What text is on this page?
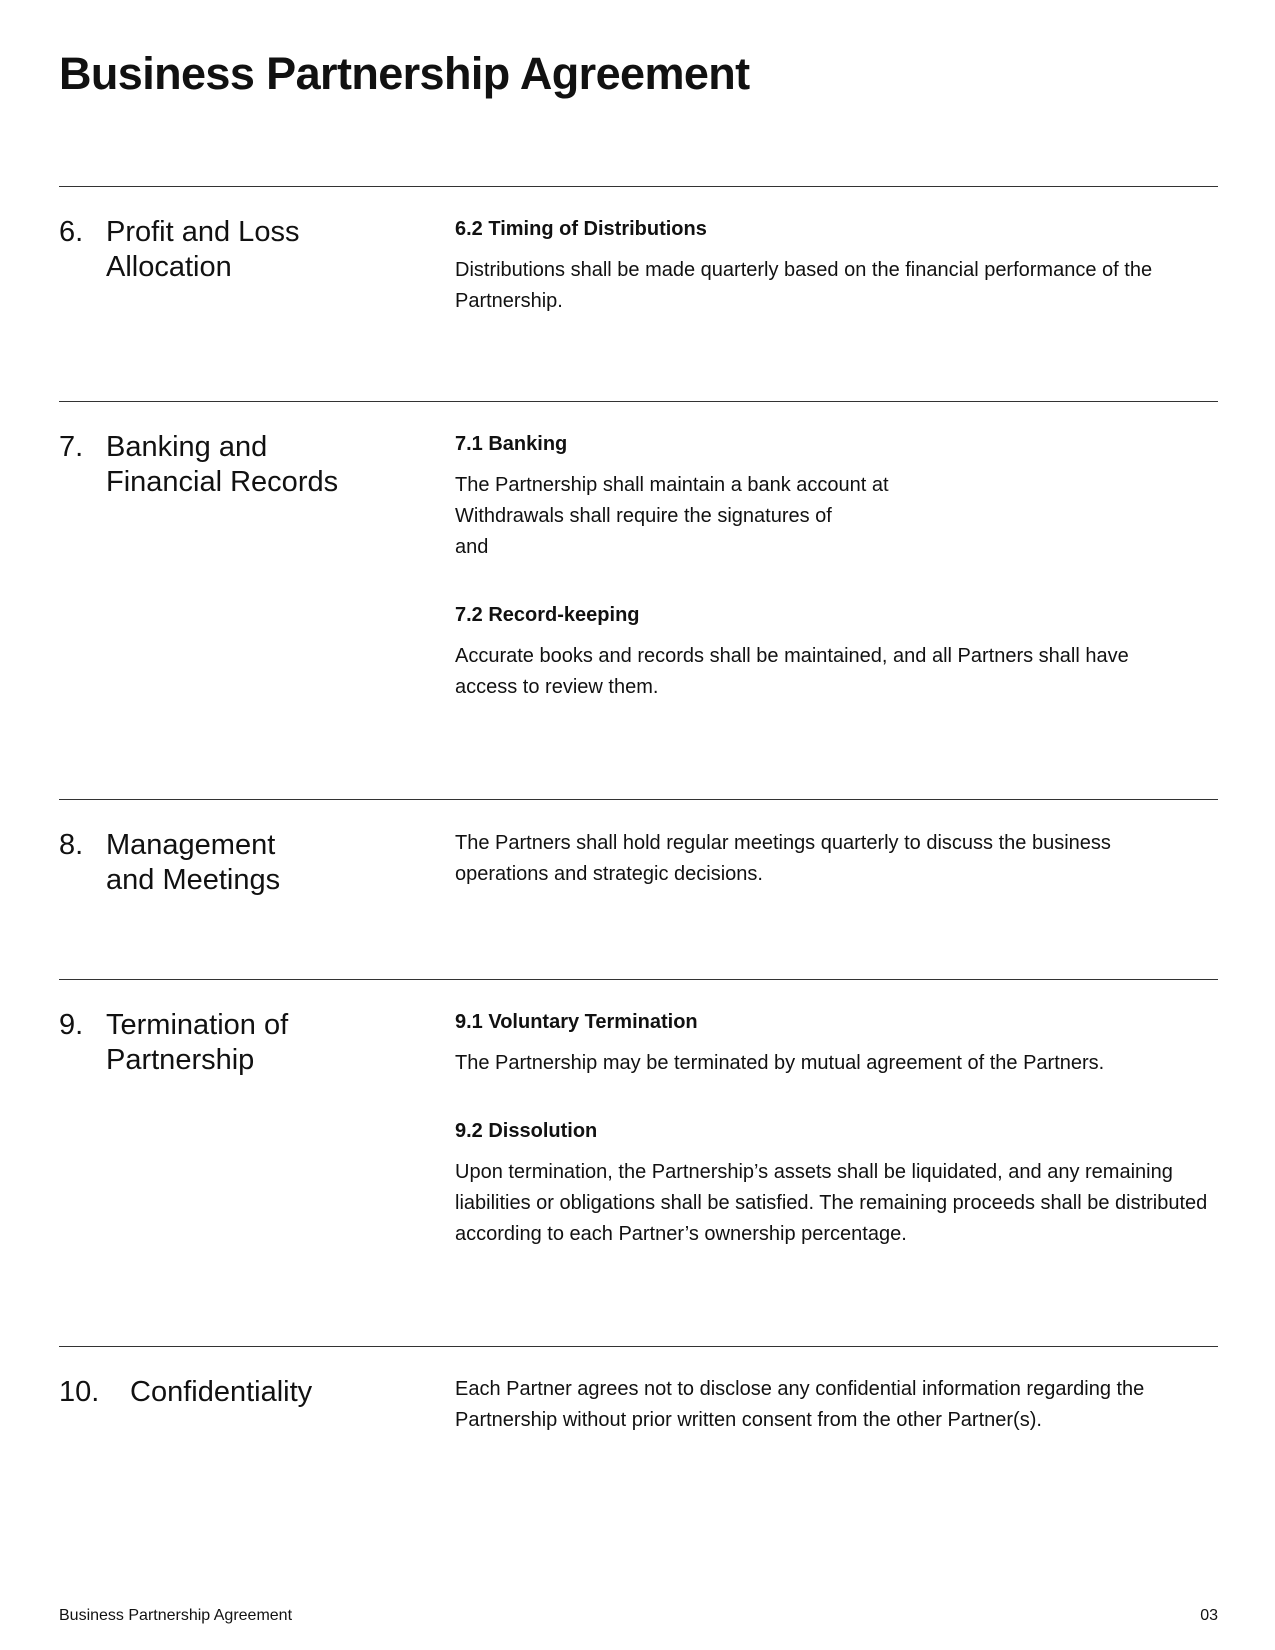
Business Partnership Agreement
6. Profit and Loss Allocation
6.2 Timing of Distributions

Distributions shall be made quarterly based on the financial performance of the Partnership.

7. Banking and Financial Records
7.1 Banking

The Partnership shall maintain a bank account at
Withdrawals shall require the signatures of
and

7.2 Record-keeping

Accurate books and records shall be maintained, and all Partners shall have access to review them.

8. Management and Meetings

The Partners shall hold regular meetings quarterly to discuss the business operations and strategic decisions.

9. Termination of Partnership
9.1 Voluntary Termination

The Partnership may be terminated by mutual agreement of the Partners.

9.2 Dissolution

Upon termination, the Partnership’s assets shall be liquidated, and any remaining liabilities or obligations shall be satisfied. The remaining proceeds shall be distributed according to each Partner’s ownership percentage.

10. Confidentiality	Each Partner agrees not to disclose any confidential information regarding the Partnership without prior written consent from the other Partner(s).

Business Partnership Agreement	03
